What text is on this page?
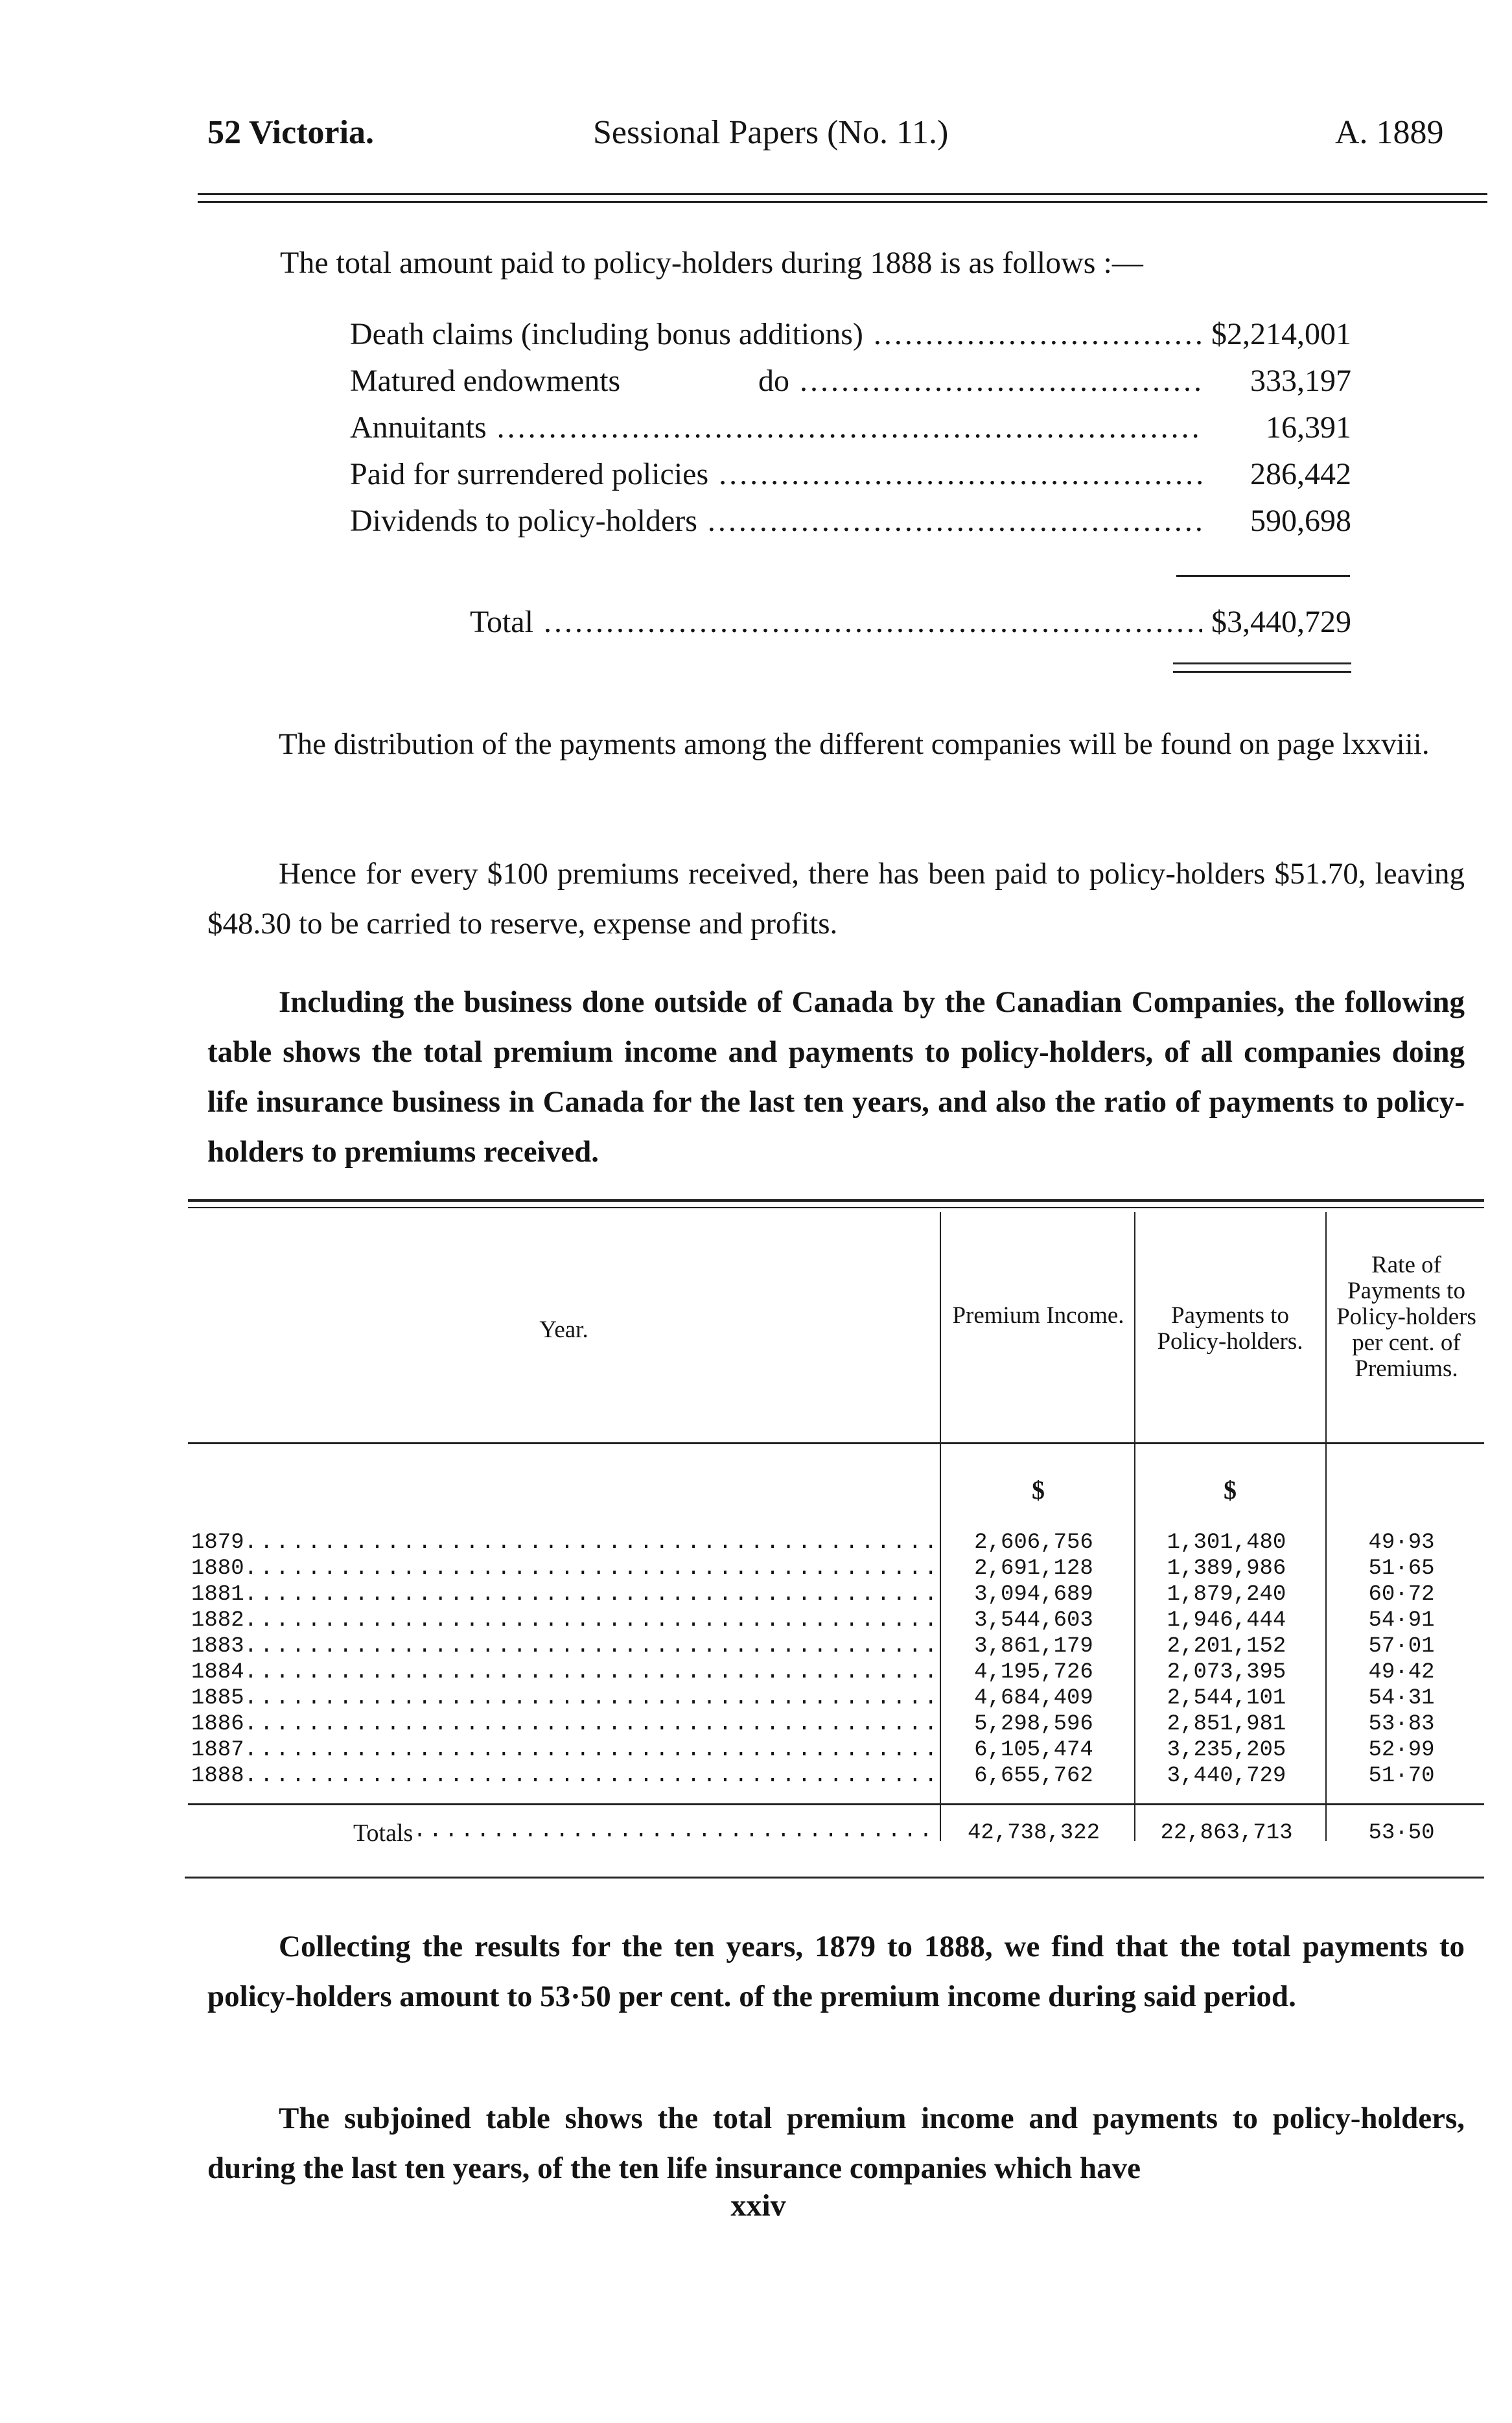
52 Victoria.	Sessional Papers (No. 11.)	A. 1889
The total amount paid to policy-holders during 1888 is as follows :—
Death claims (including bonus additions) .....	$2,214,001
Matured endowments	do .....	333,197
Annuitants .....	16,391
Paid for surrendered policies .....	286,442
Dividends to policy-holders .....	590,698
Total .....	$3,440,729
The distribution of the payments among the different companies will be found on page lxxviii.
Hence for every $100 premiums received, there has been paid to policy-holders $51.70, leaving $48.30 to be carried to reserve, expense and profits.
Including the business done outside of Canada by the Canadian Companies, the following table shows the total premium income and payments to policy-holders, of all companies doing life insurance business in Canada for the last ten years, and also the ratio of payments to policy-holders to premiums received.
Year.
Premium Income.	Payments to Policy-holders.
Rate of Payments to Policy-holders per cent. of Premiums.
$	$
1879 .....	2,606,756	1,301,480	49·93
1880 .....	2,691,128	1,389,986	51·65
1881 .....	3,094,689	1,879,240	60·72
1882 .....	3,544,603	1,946,444	54·91
1883 .....	3,861,179	2,201,152	57·01
1884 .....	4,195,726	2,073,395	49·42
1885 .....	4,684,409	2,544,101	54·31
1886 .....	5,298,596	2,851,981	53·83
1887 .....	6,105,474	3,235,205	52·99
1888 .....	6,655,762	3,440,729	51·70
Totals .....	42,738,322	22,863,713	53·50
Collecting the results for the ten years, 1879 to 1888, we find that the total payments to policy-holders amount to 53·50 per cent. of the premium income during said period.
The subjoined table shows the total premium income and payments to policy-holders, during the last ten years, of the ten life insurance companies which have
xxiv
